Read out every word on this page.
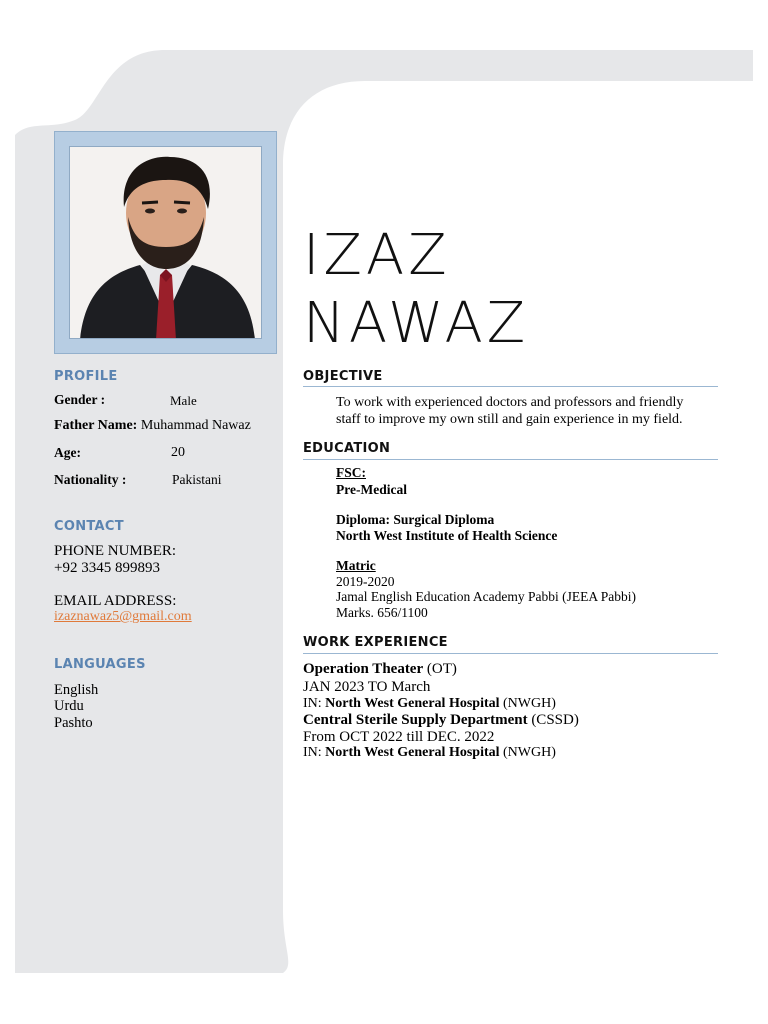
IZAZ
NAWAZ
PROFILE
Gender :	Male
Father Name: Muhammad Nawaz
Age:	20
Nationality :	Pakistani
CONTACT
PHONE NUMBER:
+92 3345 899893
EMAIL ADDRESS:
izaznawaz5@gmail.com
LANGUAGES
English
Urdu
Pashto
OBJECTIVE
To work with experienced doctors and professors and friendly staff to improve my own still and gain experience in my field.
EDUCATION
FSC:
Pre-Medical
Diploma: Surgical Diploma
North West Institute of Health Science
Matric
2019-2020
Jamal English Education Academy Pabbi (JEEA Pabbi)
Marks. 656/1100
WORK EXPERIENCE
Operation Theater (OT)
JAN 2023 TO March
IN: North West General Hospital (NWGH)
Central Sterile Supply Department (CSSD)
From OCT 2022 till DEC. 2022
IN: North West General Hospital (NWGH)
